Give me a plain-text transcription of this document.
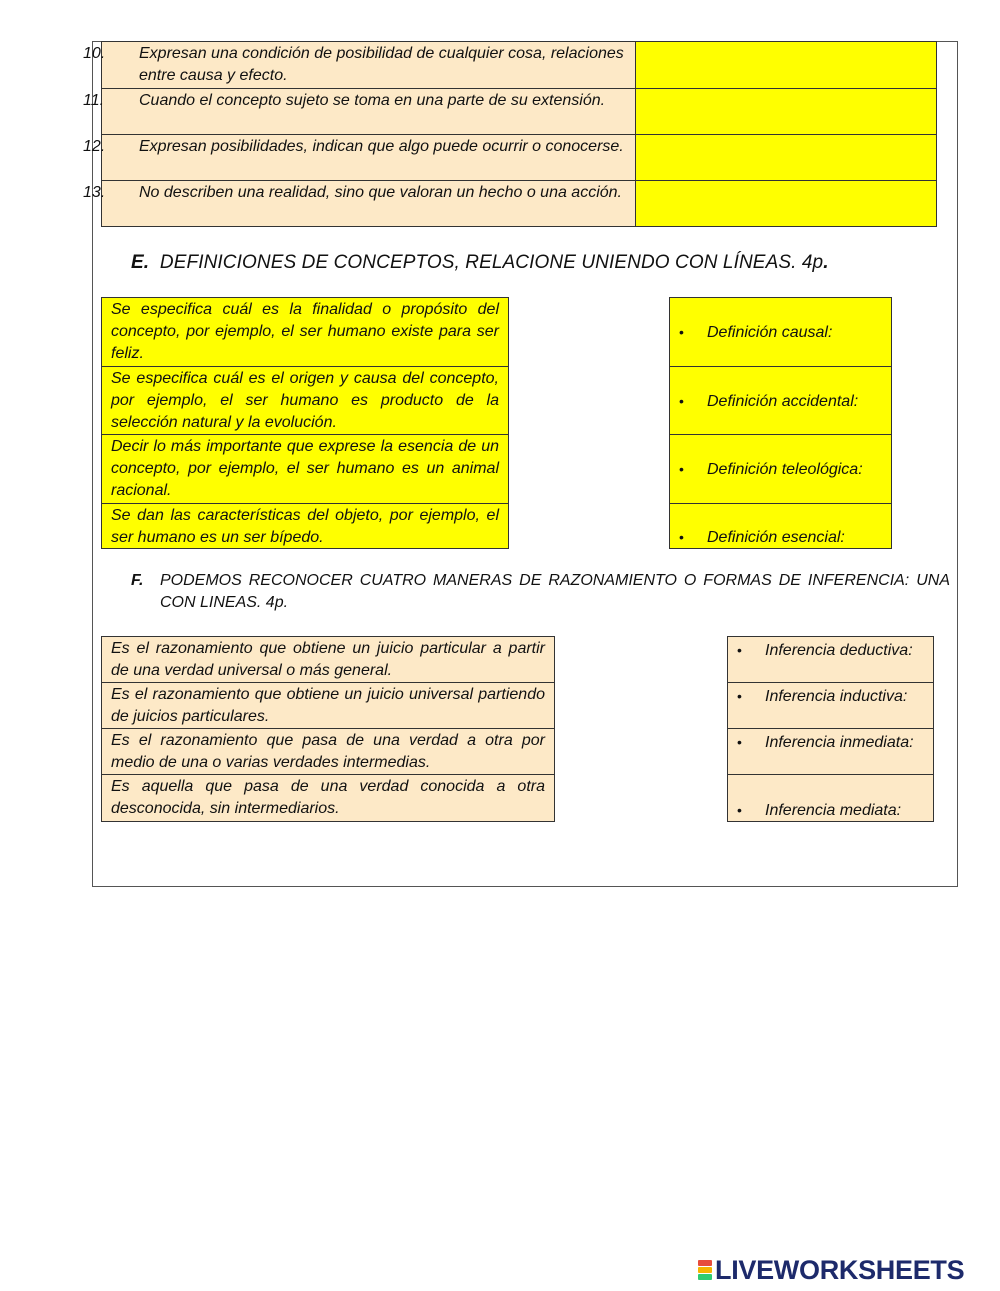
10. Expresan una condición de posibilidad de cualquier cosa, relaciones entre causa y efecto.
11. Cuando el concepto sujeto se toma en una parte de su extensión.
12. Expresan posibilidades, indican que algo puede ocurrir o conocerse.
13. No describen una realidad, sino que valoran un hecho o una acción.
E. DEFINICIONES DE CONCEPTOS, RELACIONE UNIENDO CON LÍNEAS. 4p.
Se especifica cuál es la finalidad o propósito del concepto, por ejemplo, el ser humano existe para ser feliz.
Se especifica cuál es el origen y causa del concepto, por ejemplo, el ser humano es producto de la selección natural y la evolución.
Decir lo más importante que exprese la esencia de un concepto, por ejemplo, el ser humano es un animal racional.
Se dan las características del objeto, por ejemplo, el ser humano es un ser bípedo.
• Definición causal:
• Definición accidental:
• Definición teleológica:
• Definición esencial:
F. PODEMOS RECONOCER CUATRO MANERAS DE RAZONAMIENTO O FORMAS DE INFERENCIA: UNA CON LINEAS. 4p.
Es el razonamiento que obtiene un juicio particular a partir de una verdad universal o más general.
Es el razonamiento que obtiene un juicio universal partiendo de juicios particulares.
Es el razonamiento que pasa de una verdad a otra por medio de una o varias verdades intermedias.
Es aquella que pasa de una verdad conocida a otra desconocida, sin intermediarios.
• Inferencia deductiva:
• Inferencia inductiva:
• Inferencia inmediata:
• Inferencia mediata:
LIVEWORKSHEETS
